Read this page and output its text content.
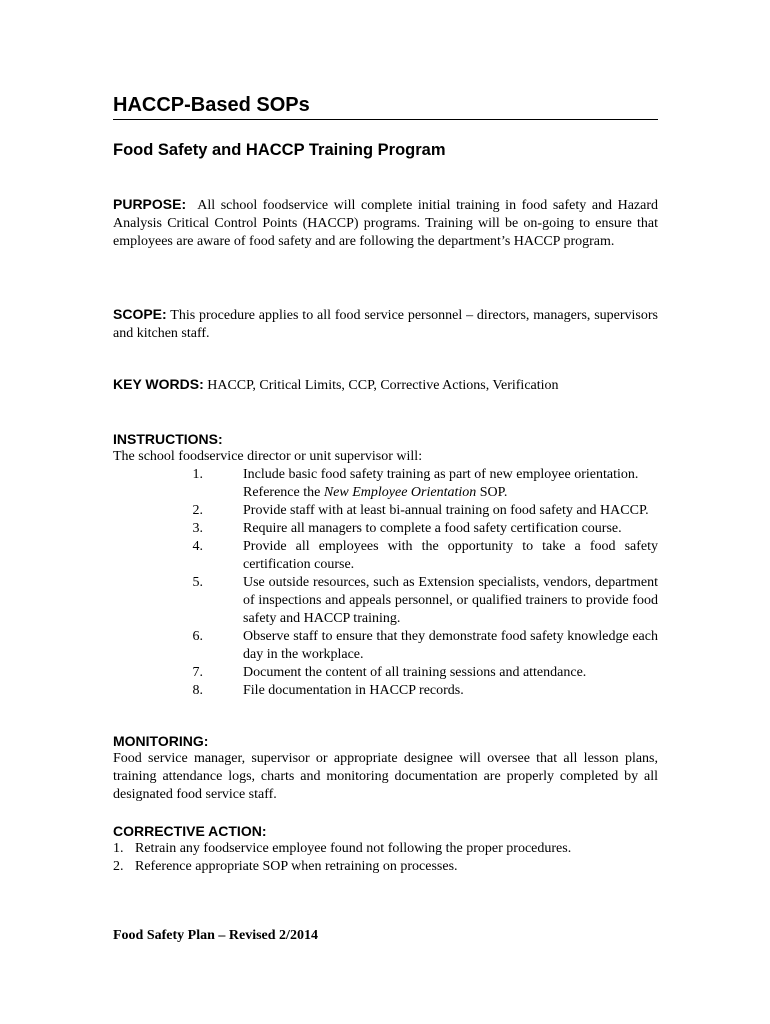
HACCP-Based SOPs
Food Safety and HACCP Training Program

PURPOSE: All school foodservice will complete initial training in food safety and Hazard Analysis Critical Control Points (HACCP) programs. Training will be on-going to ensure that employees are aware of food safety and are following the department’s HACCP program.

SCOPE: This procedure applies to all food service personnel – directors, managers, supervisors and kitchen staff.

KEY WORDS: HACCP, Critical Limits, CCP, Corrective Actions, Verification

INSTRUCTIONS:
The school foodservice director or unit supervisor will:
1.	Include basic food safety training as part of new employee orientation.
Reference the New Employee Orientation SOP.
2.	Provide staff with at least bi-annual training on food safety and HACCP.
3.	Require all managers to complete a food safety certification course.
4.	Provide all employees with the opportunity to take a food safety certification course.
5.	Use outside resources, such as Extension specialists, vendors, department of inspections and appeals personnel, or qualified trainers to provide food safety and HACCP training.
6.	Observe staff to ensure that they demonstrate food safety knowledge each day in the workplace.
7.	Document the content of all training sessions and attendance.
8.	File documentation in HACCP records.
MONITORING:
Food service manager, supervisor or appropriate designee will oversee that all lesson plans, training attendance logs, charts and monitoring documentation are properly completed by all designated food service staff.
CORRECTIVE ACTION:
1. Retrain any foodservice employee found not following the proper procedures.
2. Reference appropriate SOP when retraining on processes.
Food Safety Plan – Revised 2/2014
